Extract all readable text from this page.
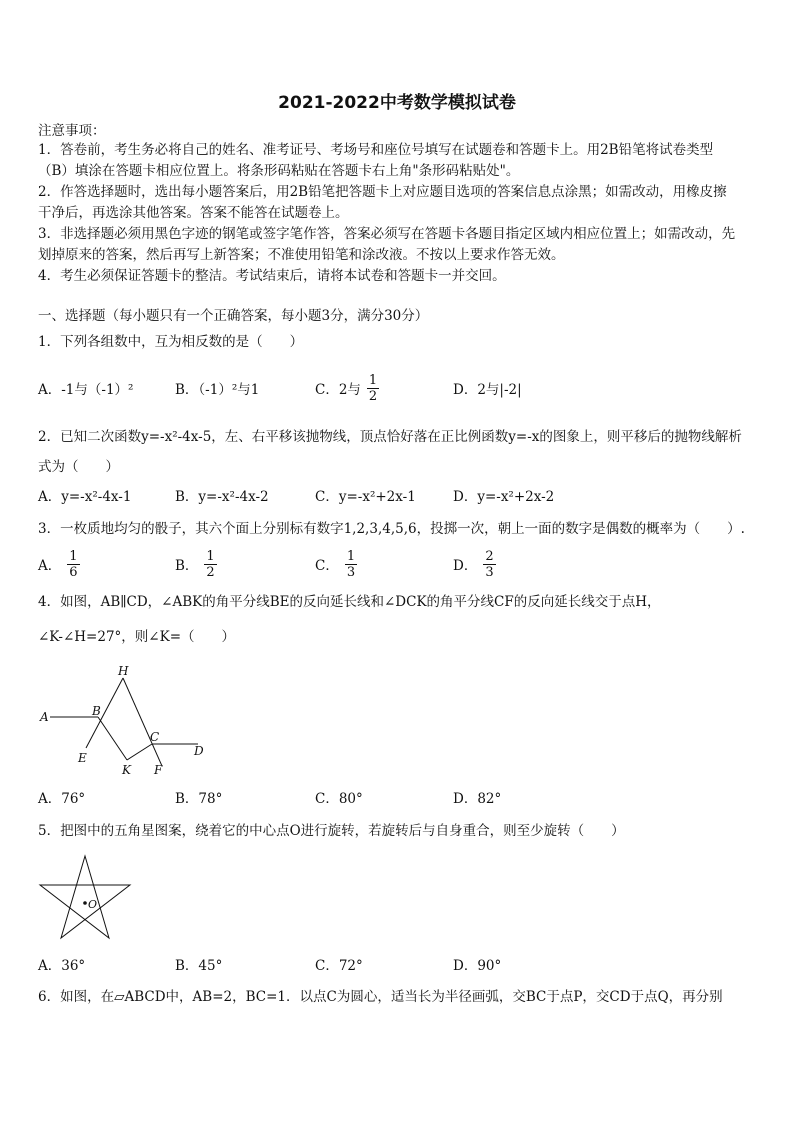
2021-2022中考数学模拟试卷
注意事项：
1．答卷前，考生务必将自己的姓名、准考证号、考场号和座位号填写在试题卷和答题卡上。用2B铅笔将试卷类型
（B）填涂在答题卡相应位置上。将条形码粘贴在答题卡右上角"条形码粘贴处"。
2．作答选择题时，选出每小题答案后，用2B铅笔把答题卡上对应题目选项的答案信息点涂黑；如需改动，用橡皮擦
干净后，再选涂其他答案。答案不能答在试题卷上。
3．非选择题必须用黑色字迹的钢笔或签字笔作答，答案必须写在答题卡各题目指定区域内相应位置上；如需改动，先
划掉原来的答案，然后再写上新答案；不准使用铅笔和涂改液。不按以上要求作答无效。
4．考生必须保证答题卡的整洁。考试结束后，请将本试卷和答题卡一并交回。
一、选择题（每小题只有一个正确答案，每小题3分，满分30分）
1．下列各组数中，互为相反数的是（　　）
A．-1与（-1）²	B．（-1）²与1	C．2与 $\frac{1}{2}$	D．2与|-2|
2．已知二次函数y=-x²-4x-5，左、右平移该抛物线，顶点恰好落在正比例函数y=-x的图象上，则平移后的抛物线解析
式为（　　）
A．y=-x²-4x-1	B．y=-x²-4x-2	C．y=-x²+2x-1	D．y=-x²+2x-2
3．一枚质地均匀的骰子，其六个面上分别标有数字1,2,3,4,5,6，投掷一次，朝上一面的数字是偶数的概率为（　　）.
A． $\frac{1}{6}$	B． $\frac{1}{2}$	C． $\frac{1}{3}$	D． $\frac{2}{3}$
4．如图，AB∥CD，∠ABK的角平分线BE的反向延长线和∠DCK的角平分线CF的反向延长线交于点H，
∠K-∠H=27°，则∠K=（　　）
A	B
C
D
E
F
H
K
A．76°	B．78°	C．80°	D．82°
5．把图中的五角星图案，绕着它的中心点O进行旋转，若旋转后与自身重合，则至少旋转（　　）
O
A．36°	B．45°	C．72°	D．90°
6．如图，在▱ABCD中，AB=2，BC=1．以点C为圆心，适当长为半径画弧，交BC于点P，交CD于点Q，再分别
